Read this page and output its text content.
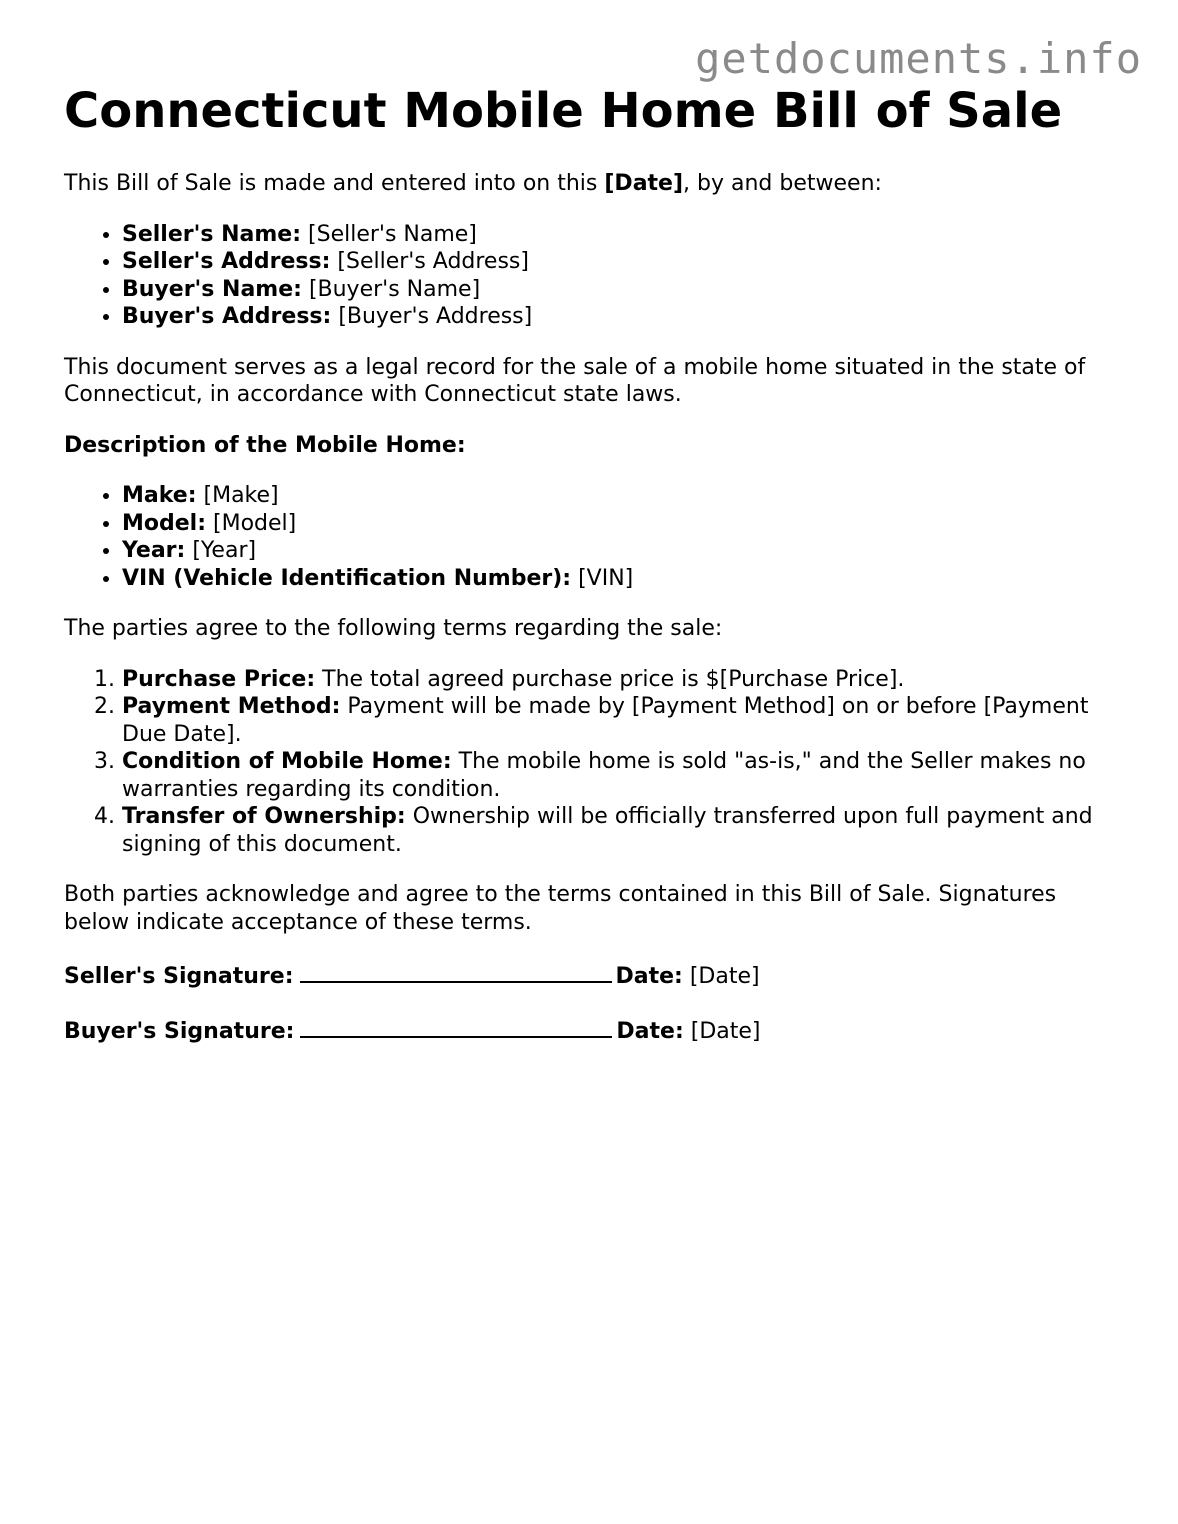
getdocuments.info
Connecticut Mobile Home Bill of Sale

This Bill of Sale is made and entered into on this [Date], by and between:

• Seller's Name: [Seller's Name]
• Seller's Address: [Seller's Address]
• Buyer's Name: [Buyer's Name]
• Buyer's Address: [Buyer's Address]

This document serves as a legal record for the sale of a mobile home situated in the state of Connecticut, in accordance with Connecticut state laws.

Description of the Mobile Home:

• Make: [Make]
• Model: [Model]
• Year: [Year]
• VIN (Vehicle Identification Number): [VIN]

The parties agree to the following terms regarding the sale:

1. Purchase Price: The total agreed purchase price is $[Purchase Price].
2. Payment Method: Payment will be made by [Payment Method] on or before [Payment Due Date].
3. Condition of Mobile Home: The mobile home is sold "as-is," and the Seller makes no warranties regarding its condition.
4. Transfer of Ownership: Ownership will be officially transferred upon full payment and signing of this document.

Both parties acknowledge and agree to the terms contained in this Bill of Sale. Signatures below indicate acceptance of these terms.

Seller's Signature:	Date: [Date]

Buyer's Signature:	Date: [Date]
